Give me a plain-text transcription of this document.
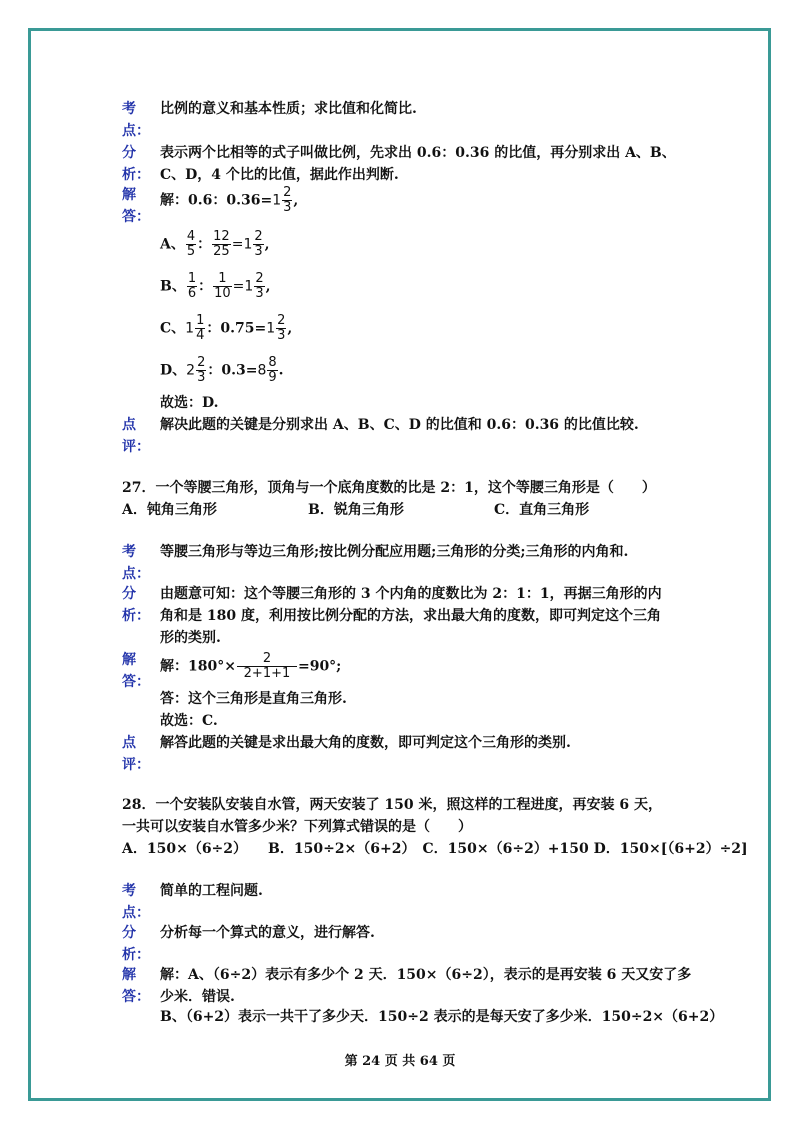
考
点：
比例的意义和基本性质；求比值和化简比.
分
析：
表示两个比相等的式子叫做比例，先求出 0.6：0.36 的比值，再分别求出 A、B、
C、D，4 个比的比值，据此作出判断.
解
答：
解：0.6：$0.36=1 \frac{2}{3}$ ,
A、 $\frac{4}{5}$ ： $\frac{12}{25} =1 \frac{2}{3}$ ,
B、 $\frac{1}{6}$ ： $\frac{1}{10} =1 \frac{2}{3}$ ,
C、$1 \frac{1}{4}$ ：$0.75=1 \frac{2}{3}$ ,
D、$2 \frac{2}{3}$ ：$0.3=8 \frac{8}{9}$ .
故选：D.
点
评：
解决此题的关键是分别求出 A、B、C、D 的比值和 0.6：0.36 的比值比较.
27．一个等腰三角形，顶角与一个底角度数的比是 2：1，这个等腰三角形是（　　）
A．钝角三角形	B．锐角三角形	C．直角三角形
考
点：
等腰三角形与等边三角形;按比例分配应用题;三角形的分类;三角形的内角和.
分
析：
由题意可知：这个等腰三角形的 3 个内角的度数比为 2：1：1，再据三角形的内
角和是 180 度，利用按比例分配的方法，求出最大角的度数，即可判定这个三角
形的类别.
解
答：
解：$180^\circ\times \frac{2}{2+1+1} =90^\circ$;
答：这个三角形是直角三角形.
故选：C.
点
评：
解答此题的关键是求出最大角的度数，即可判定这个三角形的类别.
28．一个安装队安装自水管，两天安装了 150 米，照这样的工程进度，再安装 6 天，
一共可以安装自水管多少米？下列算式错误的是（　　）
A．150×（6÷2）　　B．150÷2×（6+2）　C．150×（6÷2）+150 D．150×[（6+2）÷2]
考
点：
简单的工程问题.
分
析：
分析每一个算式的意义，进行解答.
解
答：
解：A、（6÷2）表示有多少个 2 天．150×（6÷2），表示的是再安装 6 天又安了多
少米．错误.
B、（6+2）表示一共干了多少天．150÷2 表示的是每天安了多少米．150÷2×（6+2）
第 24 页 共 64 页
